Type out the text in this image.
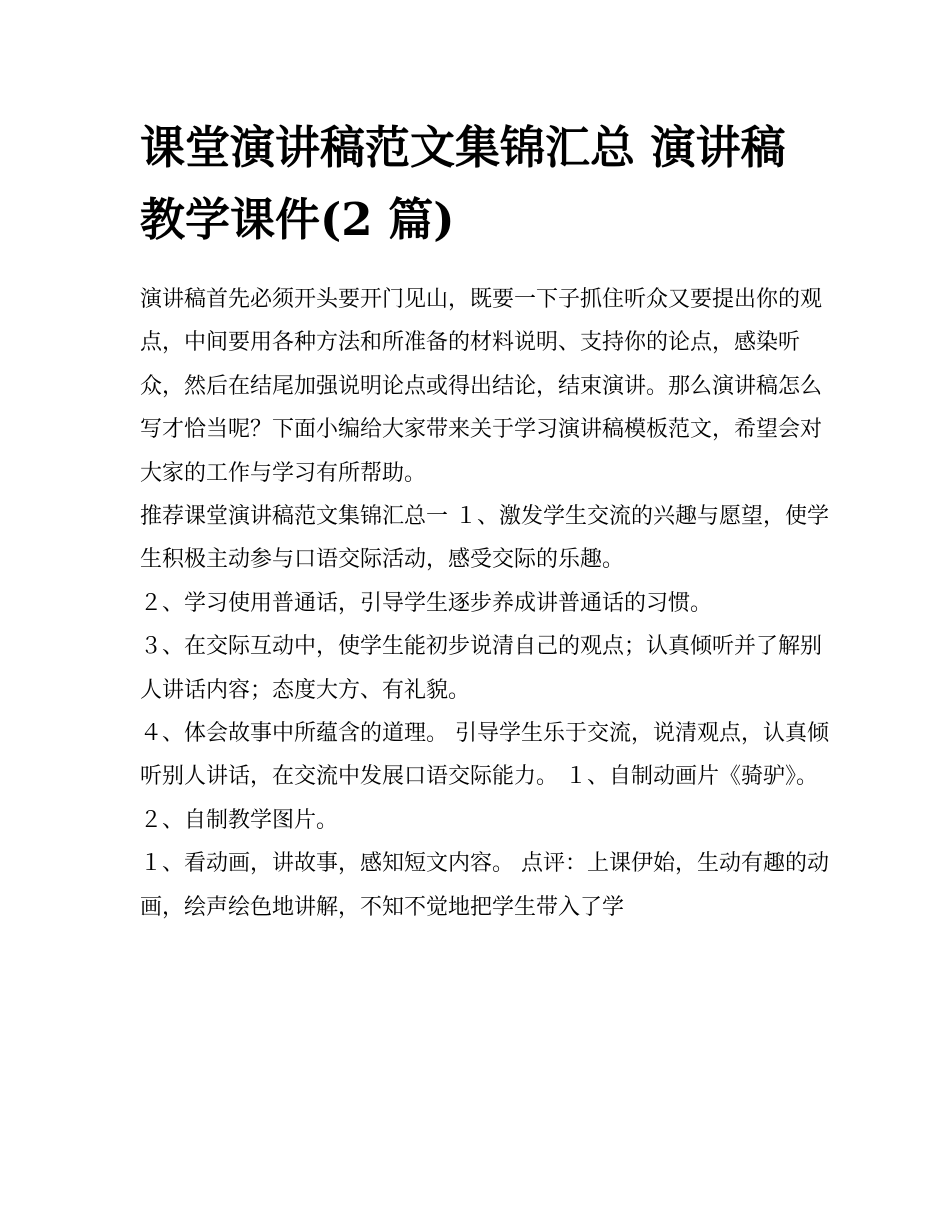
课堂演讲稿范文集锦汇总 演讲稿教学课件(2 篇)

演讲稿首先必须开头要开门见山，既要一下子抓住听众又要提出你的观点，中间要用各种方法和所准备的材料说明、支持你的论点，感染听众，然后在结尾加强说明论点或得出结论，结束演讲。那么演讲稿怎么写才恰当呢？下面小编给大家带来关于学习演讲稿模板范文，希望会对大家的工作与学习有所帮助。

推荐课堂演讲稿范文集锦汇总一 １、激发学生交流的兴趣与愿望，使学生积极主动参与口语交际活动，感受交际的乐趣。

２、学习使用普通话，引导学生逐步养成讲普通话的习惯。

３、在交际互动中，使学生能初步说清自己的观点；认真倾听并了解别人讲话内容；态度大方、有礼貌。

４、体会故事中所蕴含的道理。 引导学生乐于交流，说清观点，认真倾听别人讲话，在交流中发展口语交际能力。 １、自制动画片《骑驴》。 ２、自制教学图片。

１、看动画，讲故事，感知短文内容。 点评：上课伊始，生动有趣的动画，绘声绘色地讲解，不知不觉地把学生带入了学
